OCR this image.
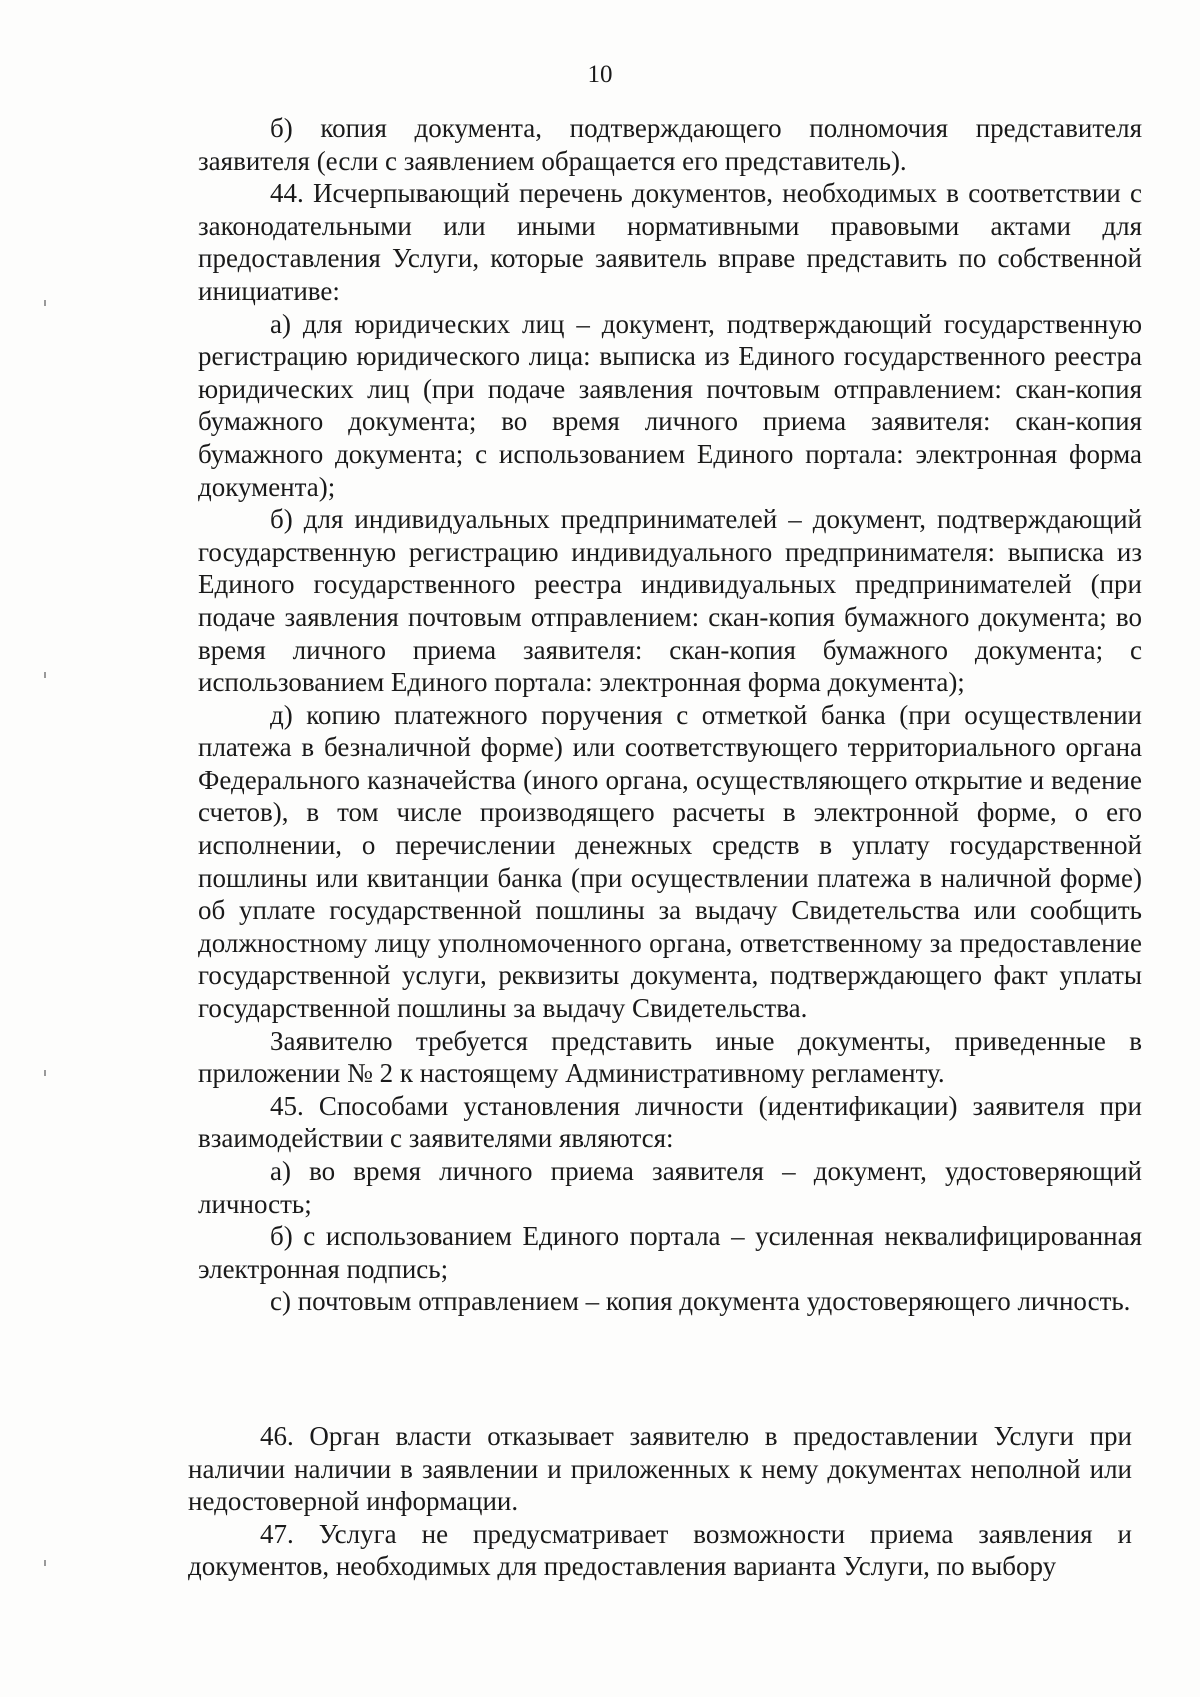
10

б) копия документа, подтверждающего полномочия представителя заявителя (если с заявлением обращается его представитель).

44. Исчерпывающий перечень документов, необходимых в соответствии с законодательными или иными нормативными правовыми актами для предоставления Услуги, которые заявитель вправе представить по собственной инициативе:

а) для юридических лиц – документ, подтверждающий государственную регистрацию юридического лица: выписка из Единого государственного реестра юридических лиц (при подаче заявления почтовым отправлением: скан-копия бумажного документа; во время личного приема заявителя: скан-копия бумажного документа; с использованием Единого портала: электронная форма документа);

б) для индивидуальных предпринимателей – документ, подтверждающий государственную регистрацию индивидуального предпринимателя: выписка из Единого государственного реестра индивидуальных предпринимателей (при подаче заявления почтовым отправлением: скан-копия бумажного документа; во время личного приема заявителя: скан-копия бумажного документа; с использованием Единого портала: электронная форма документа);

д) копию платежного поручения с отметкой банка (при осуществлении платежа в безналичной форме) или соответствующего территориального органа Федерального казначейства (иного органа, осуществляющего открытие и ведение счетов), в том числе производящего расчеты в электронной форме, о его исполнении, о перечислении денежных средств в уплату государственной пошлины или квитанции банка (при осуществлении платежа в наличной форме) об уплате государственной пошлины за выдачу Свидетельства или сообщить должностному лицу уполномоченного органа, ответственному за предоставление государственной услуги, реквизиты документа, подтверждающего факт уплаты государственной пошлины за выдачу Свидетельства.

Заявителю требуется представить иные документы, приведенные в приложении № 2 к настоящему Административному регламенту.

45. Способами установления личности (идентификации) заявителя при взаимодействии с заявителями являются:

а) во время личного приема заявителя – документ, удостоверяющий личность;

б) с использованием Единого портала – усиленная неквалифицированная электронная подпись;

с) почтовым отправлением – копия документа удостоверяющего личность.

46. Орган власти отказывает заявителю в предоставлении Услуги при наличии наличии в заявлении и приложенных к нему документах неполной или недостоверной информации.

47. Услуга не предусматривает возможности приема заявления и документов, необходимых для предоставления варианта Услуги, по выбору
